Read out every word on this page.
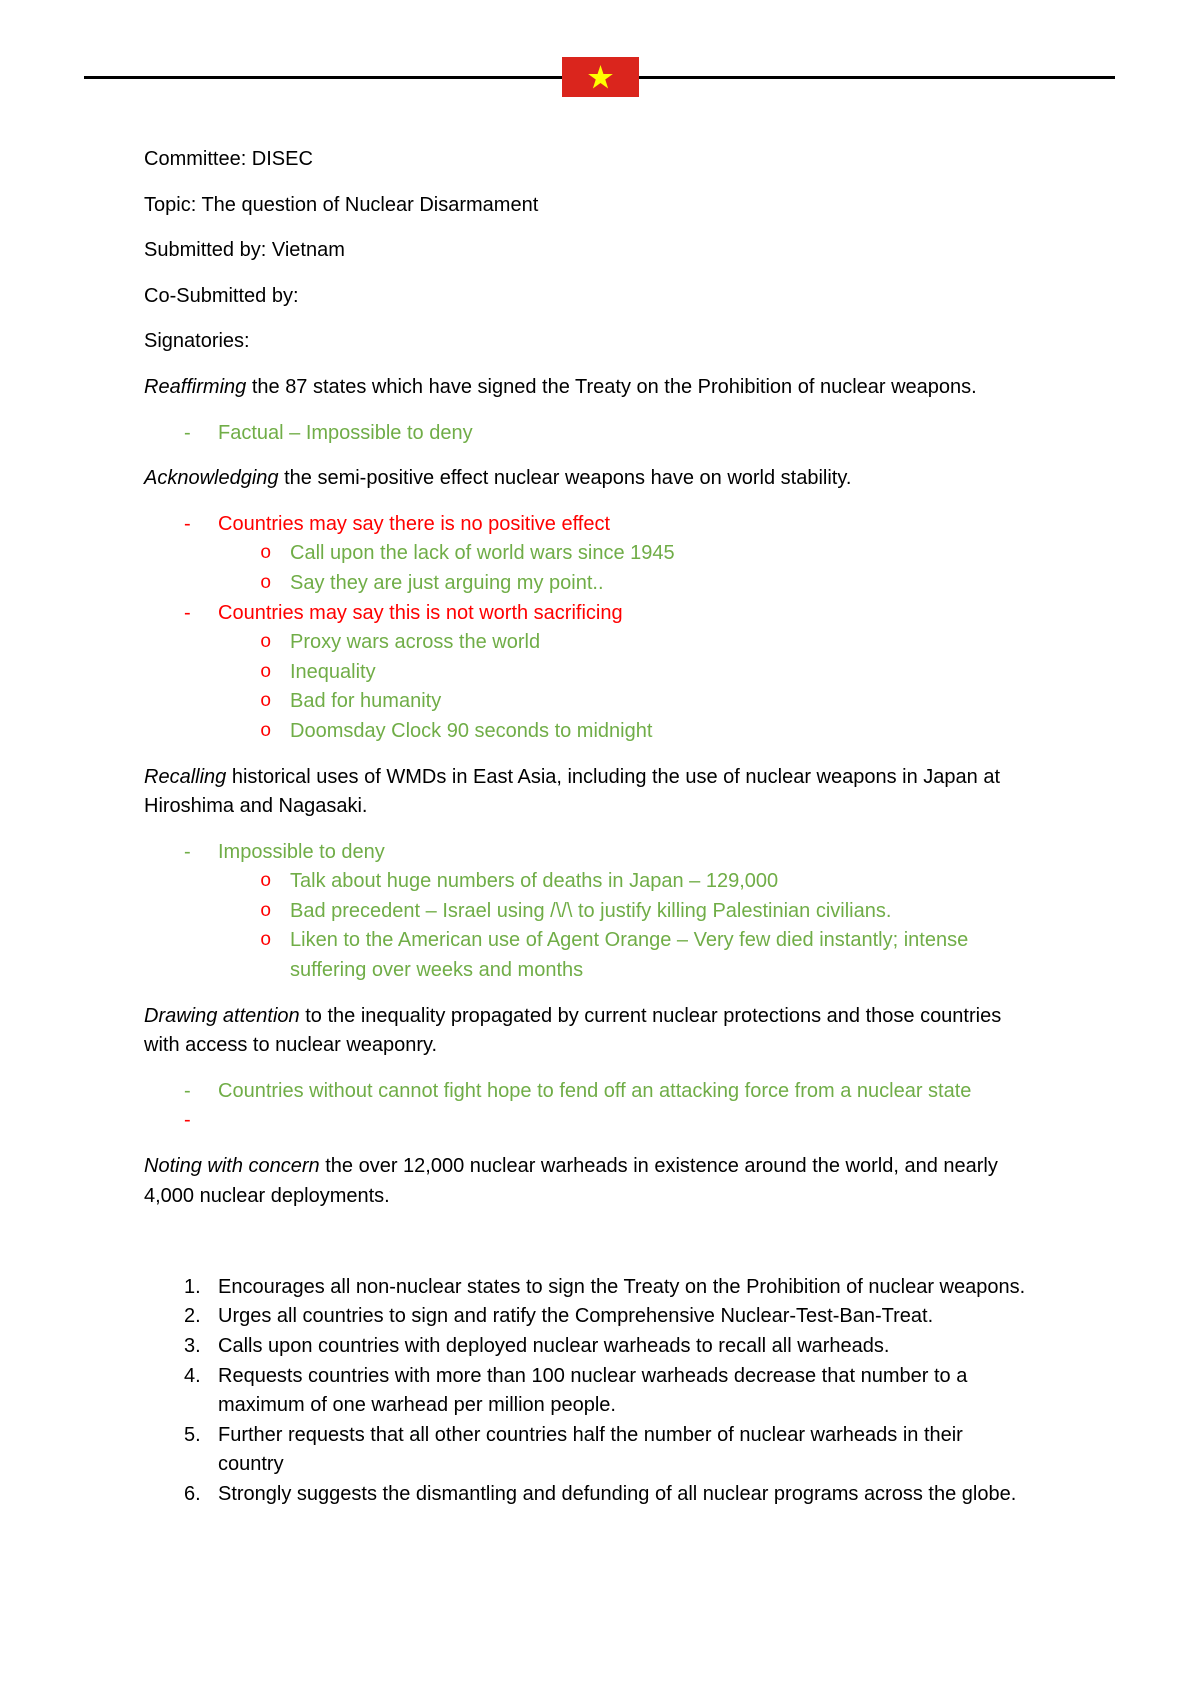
Committee: DISEC
Topic: The question of Nuclear Disarmament
Submitted by: Vietnam
Co-Submitted by:
Signatories:
Reaffirming the 87 states which have signed the Treaty on the Prohibition of nuclear weapons.
- Factual – Impossible to deny
Acknowledging the semi-positive effect nuclear weapons have on world stability.
- Countries may say there is no positive effect
o Call upon the lack of world wars since 1945
o Say they are just arguing my point..
- Countries may say this is not worth sacrificing
o Proxy wars across the world
o Inequality
o Bad for humanity
o Doomsday Clock 90 seconds to midnight
Recalling historical uses of WMDs in East Asia, including the use of nuclear weapons in Japan at
Hiroshima and Nagasaki.
- Impossible to deny
o Talk about huge numbers of deaths in Japan – 129,000
o Bad precedent – Israel using /\/\ to justify killing Palestinian civilians.
o Liken to the American use of Agent Orange – Very few died instantly; intense
suffering over weeks and months
Drawing attention to the inequality propagated by current nuclear protections and those countries
with access to nuclear weaponry.
- Countries without cannot fight hope to fend off an attacking force from a nuclear state
-
Noting with concern the over 12,000 nuclear warheads in existence around the world, and nearly
4,000 nuclear deployments.
1. Encourages all non-nuclear states to sign the Treaty on the Prohibition of nuclear weapons.
2. Urges all countries to sign and ratify the Comprehensive Nuclear-Test-Ban-Treat.
3. Calls upon countries with deployed nuclear warheads to recall all warheads.
4. Requests countries with more than 100 nuclear warheads decrease that number to a
maximum of one warhead per million people.
5. Further requests that all other countries half the number of nuclear warheads in their
country
6. Strongly suggests the dismantling and defunding of all nuclear programs across the globe.
